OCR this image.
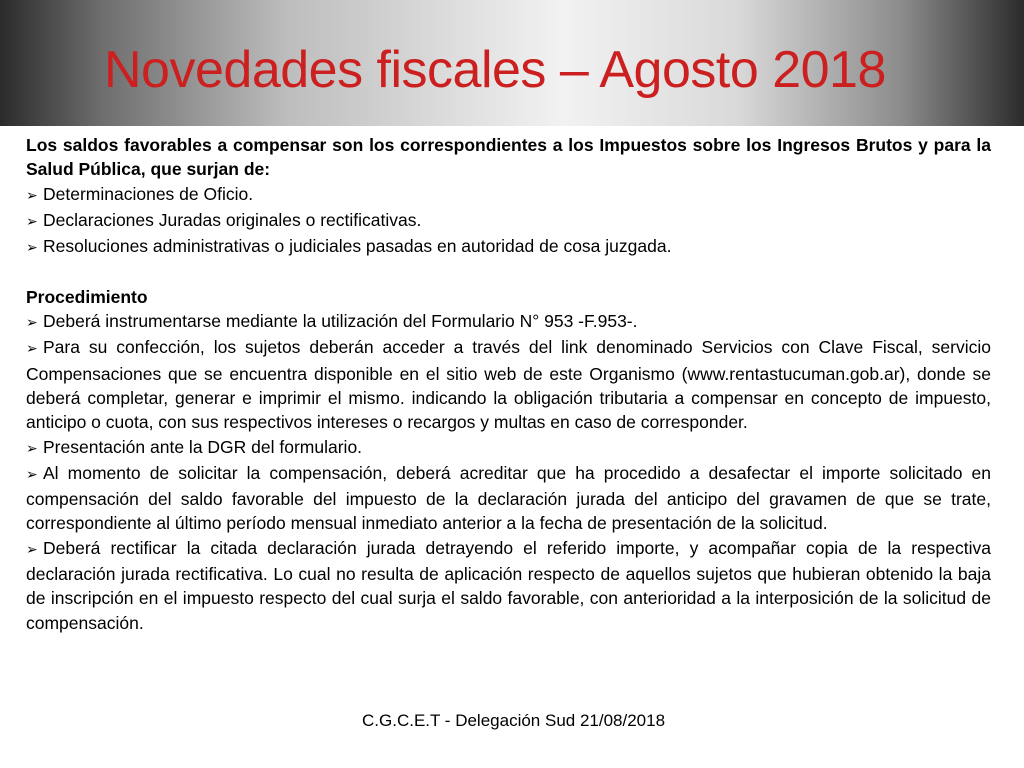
Novedades fiscales – Agosto 2018

Los saldos favorables a compensar son los correspondientes a los Impuestos sobre los Ingresos Brutos y para la Salud Pública, que surjan de:

➢ Determinaciones de Oficio.

➢ Declaraciones Juradas originales o rectificativas.

➢ Resoluciones administrativas o judiciales pasadas en autoridad de cosa juzgada.

Procedimiento

➢ Deberá instrumentarse mediante la utilización del Formulario N° 953 -F.953-.

➢ Para su confección, los sujetos deberán acceder a través del link denominado Servicios con Clave Fiscal, servicio Compensaciones que se encuentra disponible en el sitio web de este Organismo (www.rentastucuman.gob.ar), donde se deberá completar, generar e imprimir el mismo. indicando la obligación tributaria a compensar en concepto de impuesto, anticipo o cuota, con sus respectivos intereses o recargos y multas en caso de corresponder.

➢ Presentación ante la DGR del formulario.

➢ Al momento de solicitar la compensación, deberá acreditar que ha procedido a desafectar el importe solicitado en compensación del saldo favorable del impuesto de la declaración jurada del anticipo del gravamen de que se trate, correspondiente al último período mensual inmediato anterior a la fecha de presentación de la solicitud.

➢ Deberá rectificar la citada declaración jurada detrayendo el referido importe, y acompañar copia de la respectiva declaración jurada rectificativa. Lo cual no resulta de aplicación respecto de aquellos sujetos que hubieran obtenido la baja de inscripción en el impuesto respecto del cual surja el saldo favorable, con anterioridad a la interposición de la solicitud de compensación.

C.G.C.E.T - Delegación Sud 21/08/2018
